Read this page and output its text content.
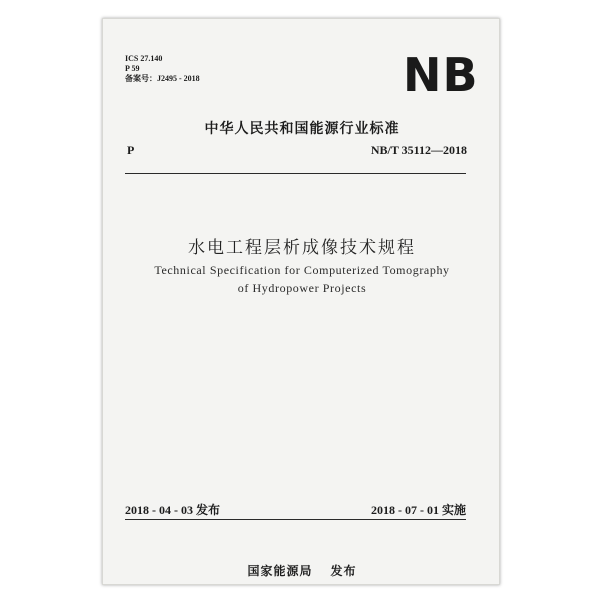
ICS 27.140
P 59
备案号：J2495 - 2018	NB
中华人民共和国能源行业标准
P	NB/T 35112—2018
水电工程层析成像技术规程
Technical Specification for Computerized Tomography
of Hydropower Projects
2018 - 04 - 03 发布	2018 - 07 - 01 实施
国家能源局 发布
